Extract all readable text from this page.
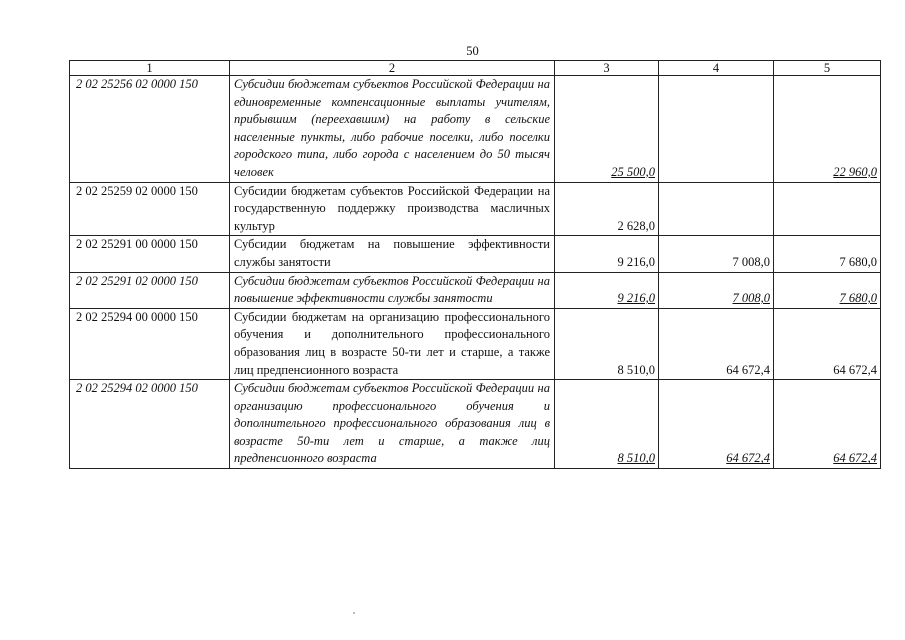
50
1	2	3	4	5
2 02 25256 02 0000 150	Субсидии бюджетам субъектов Российской Федерации на единовременные компенсационные выплаты учителям, прибывшим (переехавшим) на работу в сельские населенные пункты, либо рабочие поселки, либо поселки городского типа, либо города с населением до 50 тысяч человек	25 500,0		22 960,0
2 02 25259 02 0000 150	Субсидии бюджетам субъектов Российской Федерации на государственную поддержку производства масличных культур	2 628,0		
2 02 25291 00 0000 150	Субсидии бюджетам на повышение эффективности службы занятости	9 216,0	7 008,0	7 680,0
2 02 25291 02 0000 150	Субсидии бюджетам субъектов Российской Федерации на повышение эффективности службы занятости	9 216,0	7 008,0	7 680,0
2 02 25294 00 0000 150	Субсидии бюджетам на организацию профессионального обучения и дополнительного профессионального образования лиц в возрасте 50-ти лет и старше, а также лиц предпенсионного возраста	8 510,0	64 672,4	64 672,4
2 02 25294 02 0000 150	Субсидии бюджетам субъектов Российской Федерации на организацию профессионального обучения и дополнительного профессионального образования лиц в возрасте 50-ти лет и старше, а также лиц предпенсионного возраста	8 510,0	64 672,4	64 672,4
